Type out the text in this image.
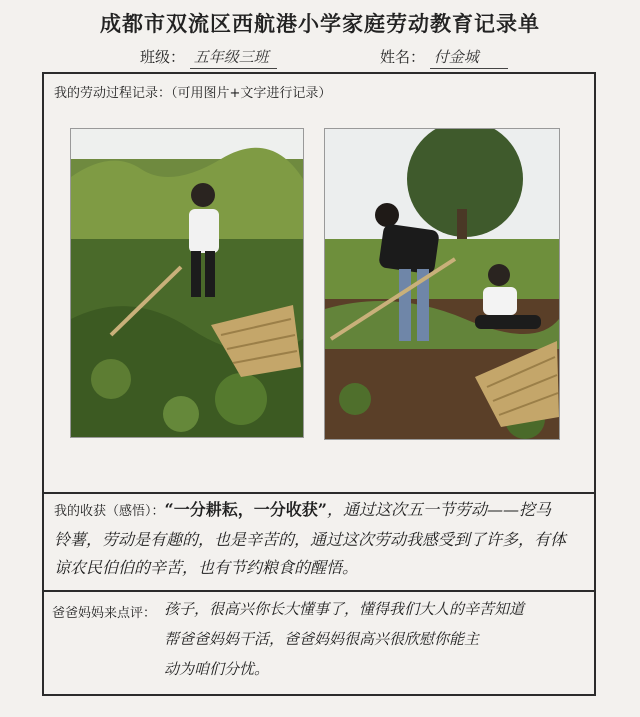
成都市双流区西航港小学家庭劳动教育记录单
班级： 五年级三班	姓名： 付金城
我的劳动过程记录：（可用图片+文字进行记录）
我的收获（感悟）：“一分耕耘，一分收获”，通过这次五一节劳动——挖马
铃薯，劳动是有趣的，也是辛苦的，通过这次劳动我感受到了许多，有体
谅农民伯伯的辛苦，也有节约粮食的醒悟。
爸爸妈妈来点评： 孩子，很高兴你长大懂事了，懂得我们大人的辛苦知道
帮爸爸妈妈干活，爸爸妈妈很高兴很欣慰你能主
动为咱们分忧。
